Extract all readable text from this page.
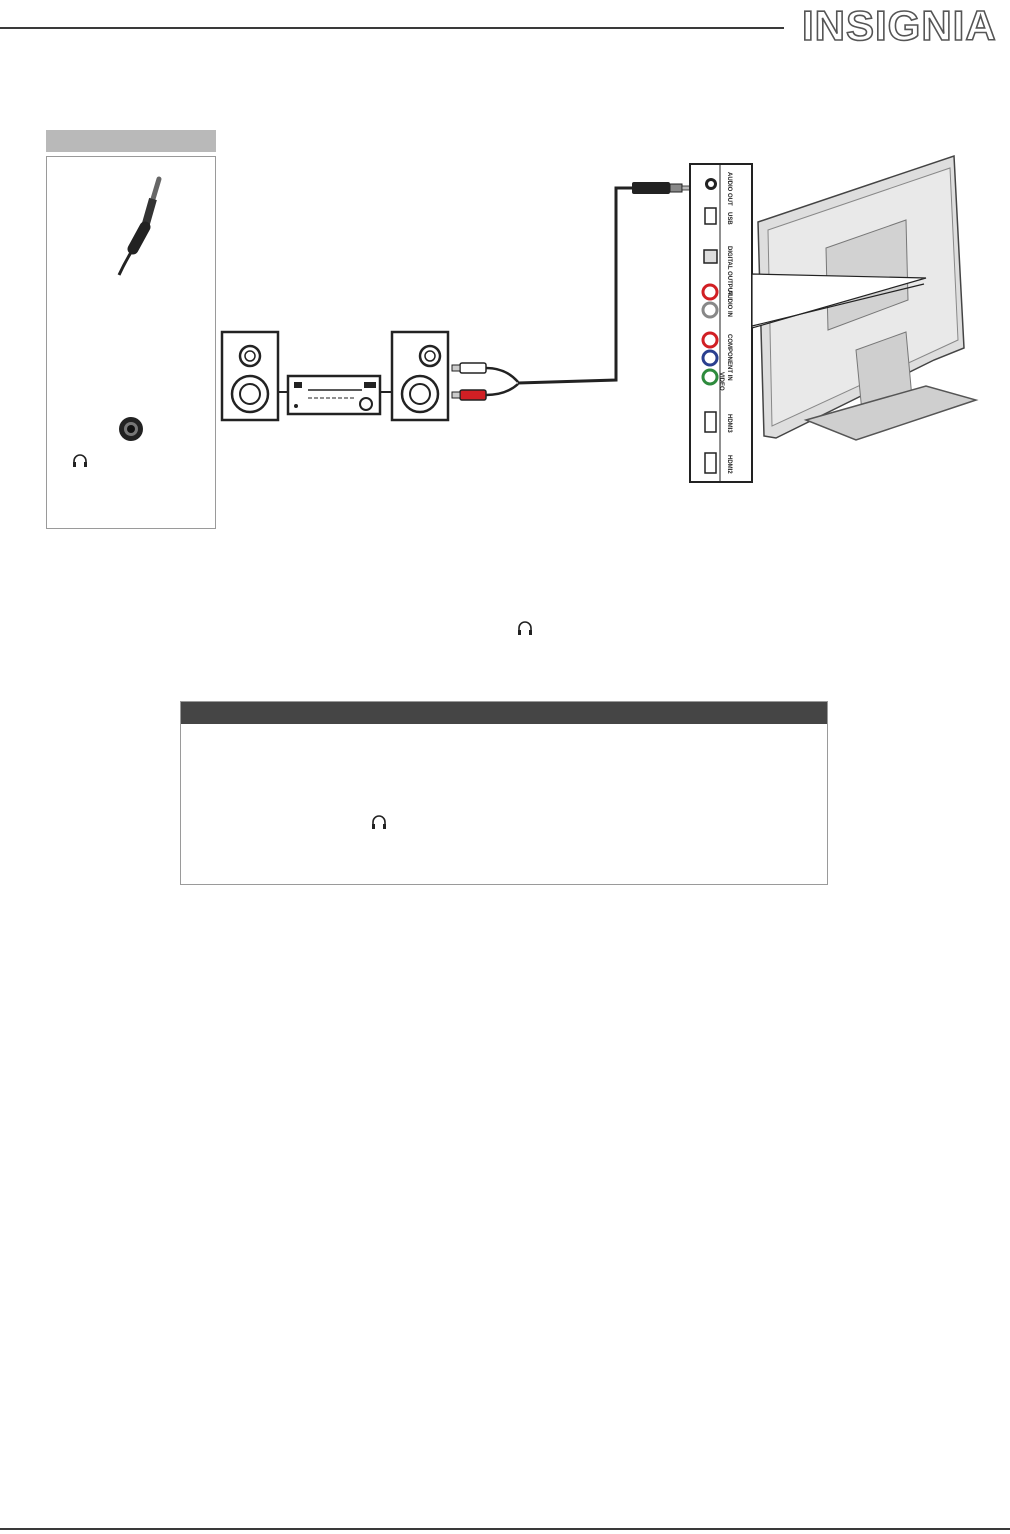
INSIGNIA
AUDIO OUT
USB
DIGITAL OUTPUT
AUDIO IN
COMPONENT IN
VIDEO
HDMI3
HDMI2
